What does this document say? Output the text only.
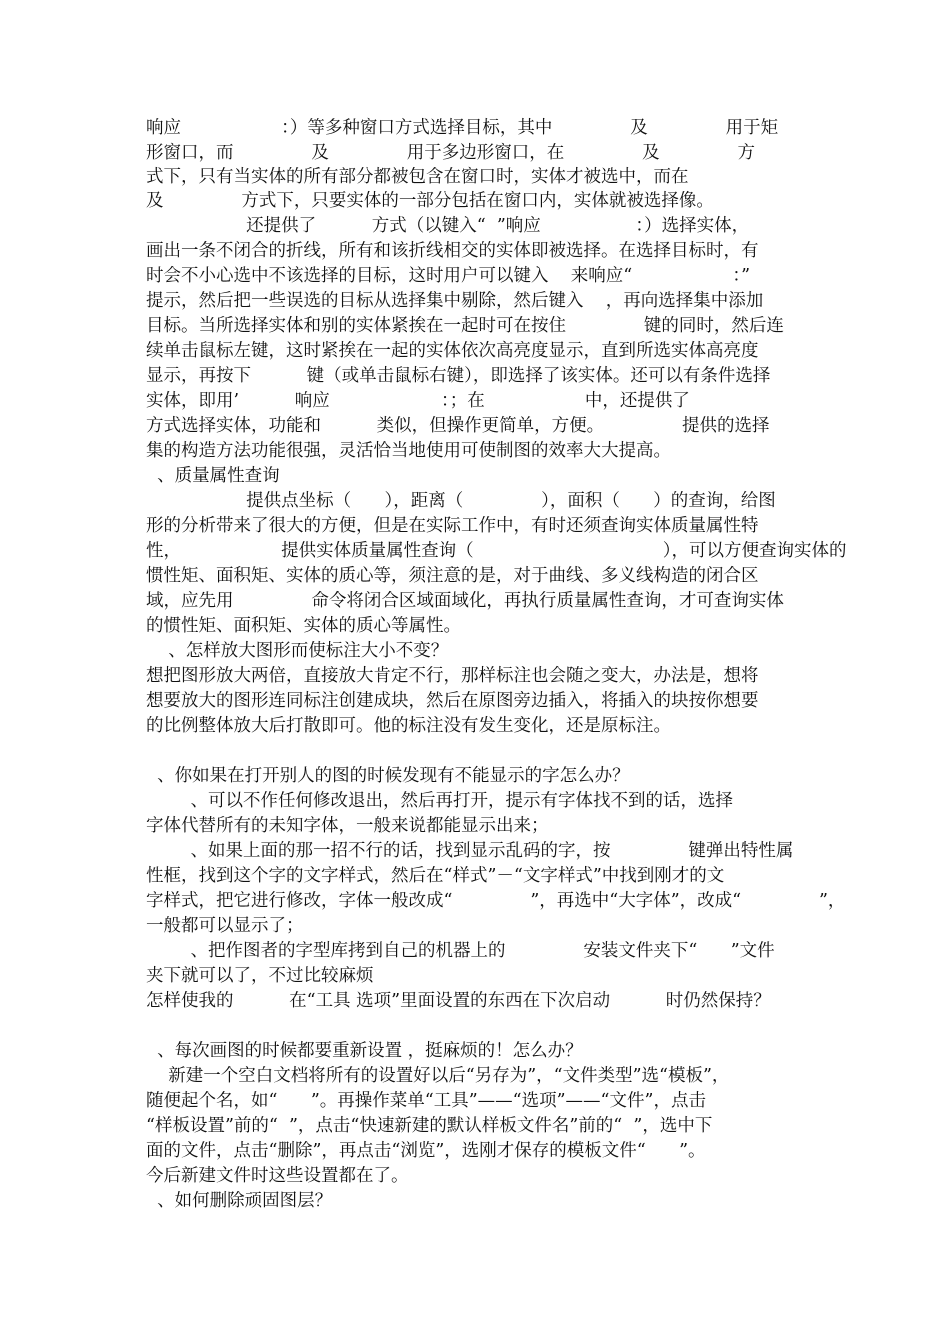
响应                  ：）等多种窗口方式选择目标，其中              及              用于矩

形窗口，而              及              用于多边形窗口，在              及              方

式下，只有当实体的所有部分都被包含在窗口时，实体才被选中，而在

及              方式下，只要实体的一部分包括在窗口内，实体就被选择像。

还提供了          方式（以键入“  ”响应                 ：）选择实体，

画出一条不闭合的折线，所有和该折线相交的实体即被选择。在选择目标时，有

时会不小心选中不该选择的目标，这时用户可以键入    来响应“                  ：”

提示，然后把一些误选的目标从选择集中剔除，然后键入    ，再向选择集中添加

目标。当所选择实体和别的实体紧挨在一起时可在按住              键的同时，然后连

续单击鼠标左键，这时紧挨在一起的实体依次高亮度显示，直到所选实体高亮度

显示，再按下          键（或单击鼠标右键），即选择了该实体。还可以有条件选择

实体，即用’          响应                    ：；在                  中，还提供了

方式选择实体，功能和          类似，但操作更简单，方便。              提供的选择

集的构造方法功能很强，灵活恰当地使用可使制图的效率大大提高。

、质量属性查询

提供点坐标（      ），距离（              ），面积（      ）的查询，给图

形的分析带来了很大的方便，但是在实际工作中，有时还须查询实体质量属性特

性，                  提供实体质量属性查询（                                  ），可以方便查询实体的

惯性矩、面积矩、实体的质心等，须注意的是，对于曲线、多义线构造的闭合区

域，应先用              命令将闭合区域面域化，再执行质量属性查询，才可查询实体

的惯性矩、面积矩、实体的质心等属性。

、怎样放大图形而使标注大小不变？

想把图形放大两倍，直接放大肯定不行，那样标注也会随之变大，办法是，想将

想要放大的图形连同标注创建成块，然后在原图旁边插入，将插入的块按你想要

的比例整体放大后打散即可。他的标注没有发生变化，还是原标注。

、你如果在打开别人的图的时候发现有不能显示的字怎么办？

、可以不作任何修改退出，然后再打开，提示有字体找不到的话，选择

字体代替所有的未知字体，一般来说都能显示出来；

、如果上面的那一招不行的话，找到显示乱码的字，按              键弹出特性属

性框，找到这个字的文字样式，然后在“样式”－“文字样式”中找到刚才的文

字样式，把它进行修改，字体一般改成“              ”，再选中“大字体”，改成“              ”，

一般都可以显示了；

、把作图者的字型库拷到自己的机器上的              安装文件夹下“      ”文件

夹下就可以了，不过比较麻烦

怎样使我的          在“工具 选项”里面设置的东西在下次启动          时仍然保持？

、每次画图的时候都要重新设置 ，挺麻烦的！怎么办？

新建一个空白文档将所有的设置好以后“另存为”，“文件类型”选“模板”，

随便起个名，如“      ”。再操作菜单“工具”——“选项”——“文件”，点击

“样板设置”前的“  ”，点击“快速新建的默认样板文件名”前的“  ”，选中下

面的文件，点击“删除”，再点击“浏览”，选刚才保存的模板文件“      ”。

今后新建文件时这些设置都在了。

、如何删除顽固图层？
